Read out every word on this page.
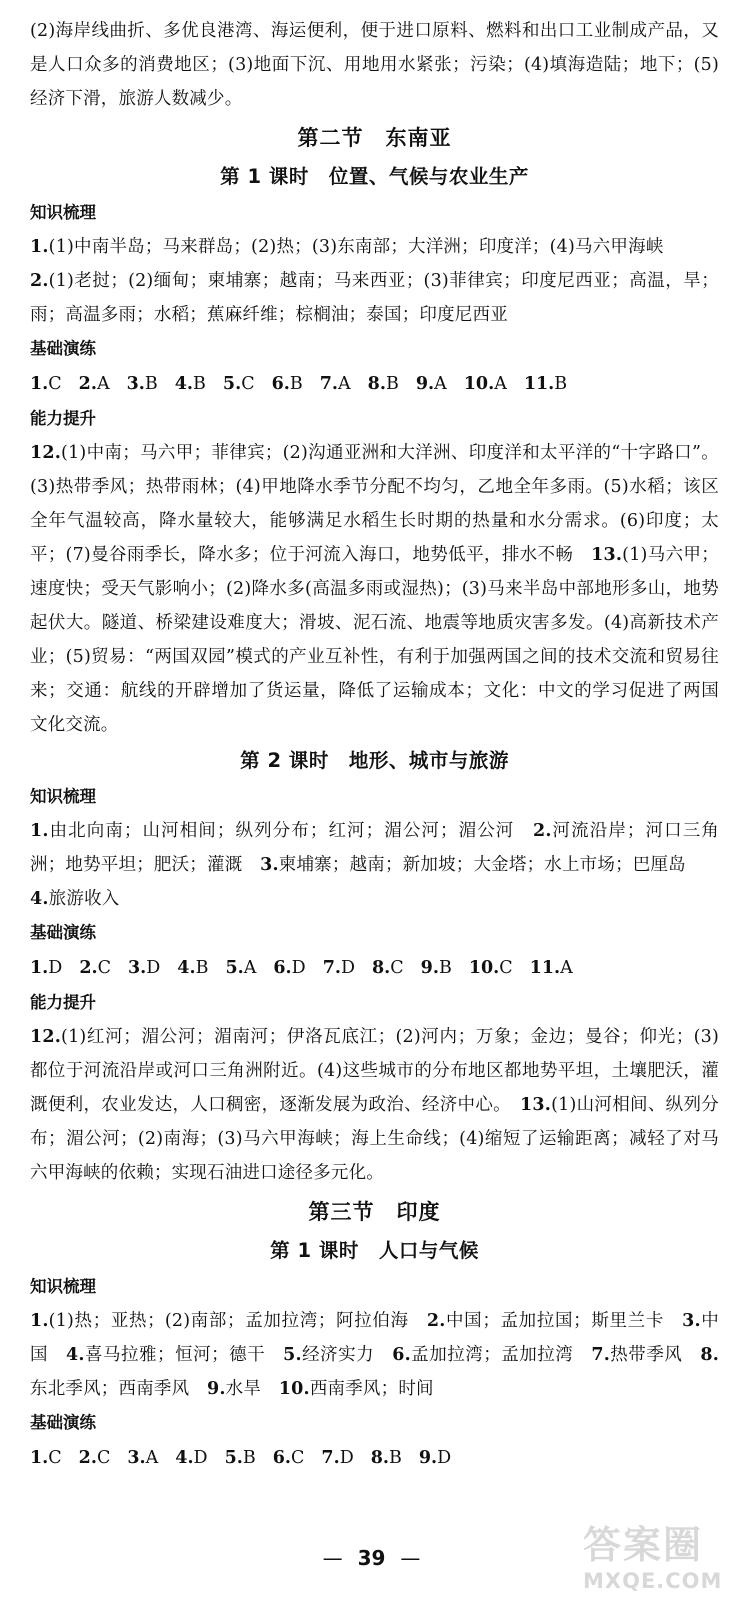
(2)海岸线曲折、多优良港湾、海运便利，便于进口原料、燃料和出口工业制成产品，又是人口众多的消费地区；(3)地面下沉、用地用水紧张；污染；(4)填海造陆；地下；(5)经济下滑，旅游人数减少。

第二节　东南亚
第 1 课时　位置、气候与农业生产

知识梳理

1.(1)中南半岛；马来群岛；(2)热；(3)东南部；大洋洲；印度洋；(4)马六甲海峡

2.(1)老挝；(2)缅甸；柬埔寨；越南；马来西亚；(3)菲律宾；印度尼西亚；高温，旱；雨；高温多雨；水稻；蕉麻纤维；棕榈油；泰国；印度尼西亚

基础演练

1.C 2.A 3.B 4.B 5.C 6.B 7.A 8.B 9.A 10.A 11.B

能力提升

12.(1)中南；马六甲；菲律宾；(2)沟通亚洲和大洋洲、印度洋和太平洋的“十字路口”。(3)热带季风；热带雨林；(4)甲地降水季节分配不均匀，乙地全年多雨。(5)水稻；该区全年气温较高，降水量较大，能够满足水稻生长时期的热量和水分需求。(6)印度；太平；(7)曼谷雨季长，降水多；位于河流入海口，地势低平，排水不畅　13.(1)马六甲；速度快；受天气影响小；(2)降水多(高温多雨或湿热)；(3)马来半岛中部地形多山，地势起伏大。隧道、桥梁建设难度大；滑坡、泥石流、地震等地质灾害多发。(4)高新技术产业；(5)贸易：“两国双园”模式的产业互补性，有利于加强两国之间的技术交流和贸易往来；交通：航线的开辟增加了货运量，降低了运输成本；文化：中文的学习促进了两国文化交流。

第 2 课时　地形、城市与旅游

知识梳理

1.由北向南；山河相间；纵列分布；红河；湄公河；湄公河　2.河流沿岸；河口三角洲；地势平坦；肥沃；灌溉　3.柬埔寨；越南；新加坡；大金塔；水上市场；巴厘岛

4.旅游收入

基础演练

1.D 2.C 3.D 4.B 5.A 6.D 7.D 8.C 9.B 10.C 11.A

能力提升

12.(1)红河；湄公河；湄南河；伊洛瓦底江；(2)河内；万象；金边；曼谷；仰光；(3)都位于河流沿岸或河口三角洲附近。(4)这些城市的分布地区都地势平坦，土壤肥沃，灌溉便利，农业发达，人口稠密，逐渐发展为政治、经济中心。　13.(1)山河相间、纵列分布；湄公河；(2)南海；(3)马六甲海峡；海上生命线；(4)缩短了运输距离；减轻了对马六甲海峡的依赖；实现石油进口途径多元化。

第三节　印度
第 1 课时　人口与气候

知识梳理

1.(1)热；亚热；(2)南部；孟加拉湾；阿拉伯海　2.中国；孟加拉国；斯里兰卡　3.中国　4.喜马拉雅；恒河；德干　5.经济实力　6.孟加拉湾；孟加拉湾　7.热带季风　8.东北季风；西南季风　9.水旱　10.西南季风；时间

基础演练

1.C 2.C 3.A 4.D 5.B 6.C 7.D 8.B 9.D

— 39 —	答案圈
MXQE.COM
